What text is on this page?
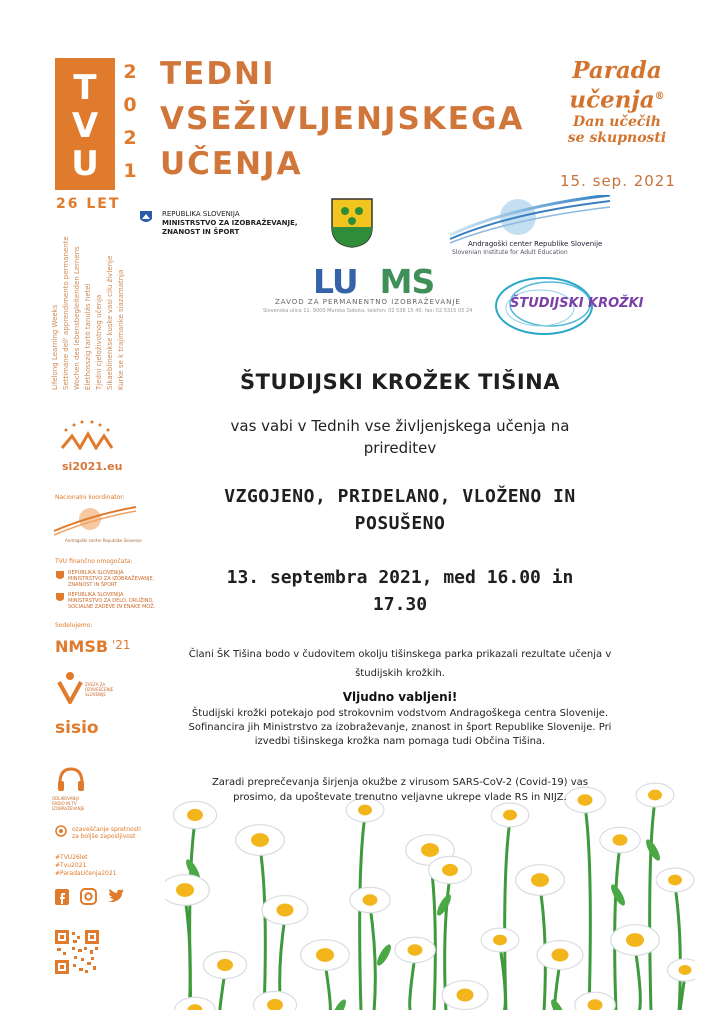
T
V
U
2
0
2
1
TEDNI
VSEŽIVLJENJSKEGA
UČENJA
26 LET
Lifelong Learning Weeks Settimane dell' apprendimento permanente Wochen des lebensbegleitenden Lernens Élethosszig tartó tanulás hetei Tjedni cjeloživotnog učenja Sikaeblinenkse kuske vasi cilu živlenje Kurke se k trajimanke siazamatnja
Parada
učenja®
Dan učečih
se skupnosti
15. sep. 2021
REPUBLIKA SLOVENIJA
MINISTRSTVO ZA IZOBRAŽEVANJE,
ZNANOST IN ŠPORT
Andragoški center Republike Slovenije
Slovenian Institute for Adult Education
LU MS
ZAVOD ZA PERMANENTNO IZOBRAŽEVANJE
Slovenska ulica 11, 9000 Murska Sobota, telefon: 02 536 15 40, fax: 02 5315 05 24	ŠTUDIJSKI KROŽKI
si2021.eu
Nacionalni koordinator:
Andragoški center Republike Slovenije
TVU finančno omogočata:
REPUBLIKA SLOVENIJA
MINISTRSTVO ZA IZOBRAŽEVANJE,
ZNANOST IN ŠPORT
REPUBLIKA SLOVENIJA
MINISTRSTVO ZA DELO, DRUŽINO,
SOCIALNE ZADEVE IN ENAKE MOŽ.
Sodelujemo:
NMSB '21
ZVEZA ZA
OZAVEŠČENJE
SLOVENIJE
sisio
ODLIKOVANIJI
RADIO IN TV
IZOBRAŽEVANJE
ozaveščanje spretnosti
za boljše zaposljivost
#TVU26let
#Tvu2021
#ParadaUčenja2021
ŠTUDIJSKI KROŽEK TIŠINA
vas vabi v Tednih vse življenjskega učenja na
prireditev
VZGOJENO, PRIDELANO, VLOŽENO IN
POSUŠENO
13. septembra 2021, med 16.00 in
17.30
Člani ŠK Tišina bodo v čudovitem okolju tišinskega parka prikazali rezultate učenja v
študijskih krožkih.
Vljudno vabljeni!
Študijski krožki potekajo pod strokovnim vodstvom Andragoškega centra Slovenije.
Sofinancira jih Ministrstvo za izobraževanje, znanost in šport Republike Slovenije. Pri
izvedbi tišinskega krožka nam pomaga tudi Občina Tišina.
Zaradi preprečevanja širjenja okužbe z virusom SARS-CoV-2 (Covid-19) vas
prosimo, da upoštevate trenutno veljavne ukrepe vlade RS in NIJZ.
